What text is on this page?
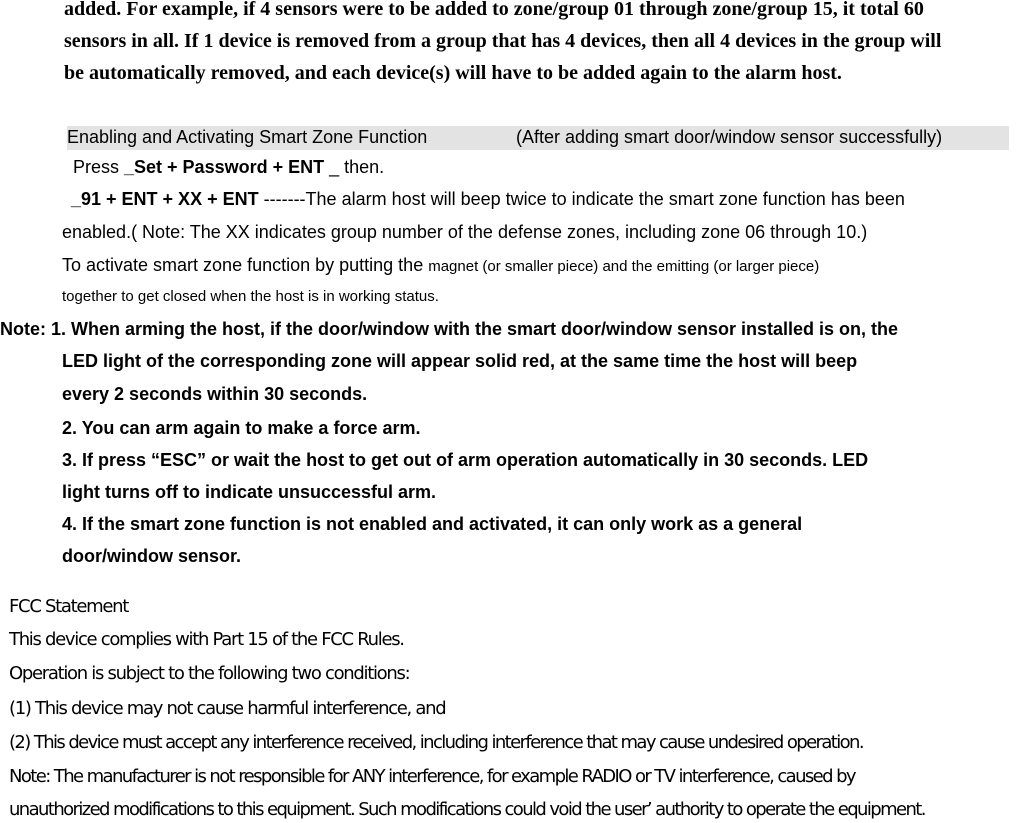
added. For example, if 4 sensors were to be added to zone/group 01 through zone/group 15, it total 60
sensors in all. If 1 device is removed from a group that has 4 devices, then all 4 devices in the group will
be automatically removed, and each device(s) will have to be added again to the alarm host.
Enabling and Activating Smart Zone Function	(After adding smart door/window sensor successfully)
Press _Set + Password + ENT _ then.
_91 + ENT + XX + ENT -------The alarm host will beep twice to indicate the smart zone function has been
enabled.( Note: The XX indicates group number of the defense zones, including zone 06 through 10.)
To activate smart zone function by putting the magnet (or smaller piece) and the emitting (or larger piece)
together to get closed when the host is in working status.
Note: 1. When arming the host, if the door/window with the smart door/window sensor installed is on, the
LED light of the corresponding zone will appear solid red, at the same time the host will beep
every 2 seconds within 30 seconds.
2. You can arm again to make a force arm.
3. If press “ESC” or wait the host to get out of arm operation automatically in 30 seconds. LED
light turns off to indicate unsuccessful arm.
4. If the smart zone function is not enabled and activated, it can only work as a general
door/window sensor.
FCC Statement
This device complies with Part 15 of the FCC Rules.
Operation is subject to the following two conditions:
(1) This device may not cause harmful interference, and
(2) This device must accept any interference received, including interference that may cause undesired operation.
Note: The manufacturer is not responsible for ANY interference, for example RADIO or TV interference, caused by
unauthorized modifications to this equipment. Such modifications could void the user’ authority to operate the equipment.
